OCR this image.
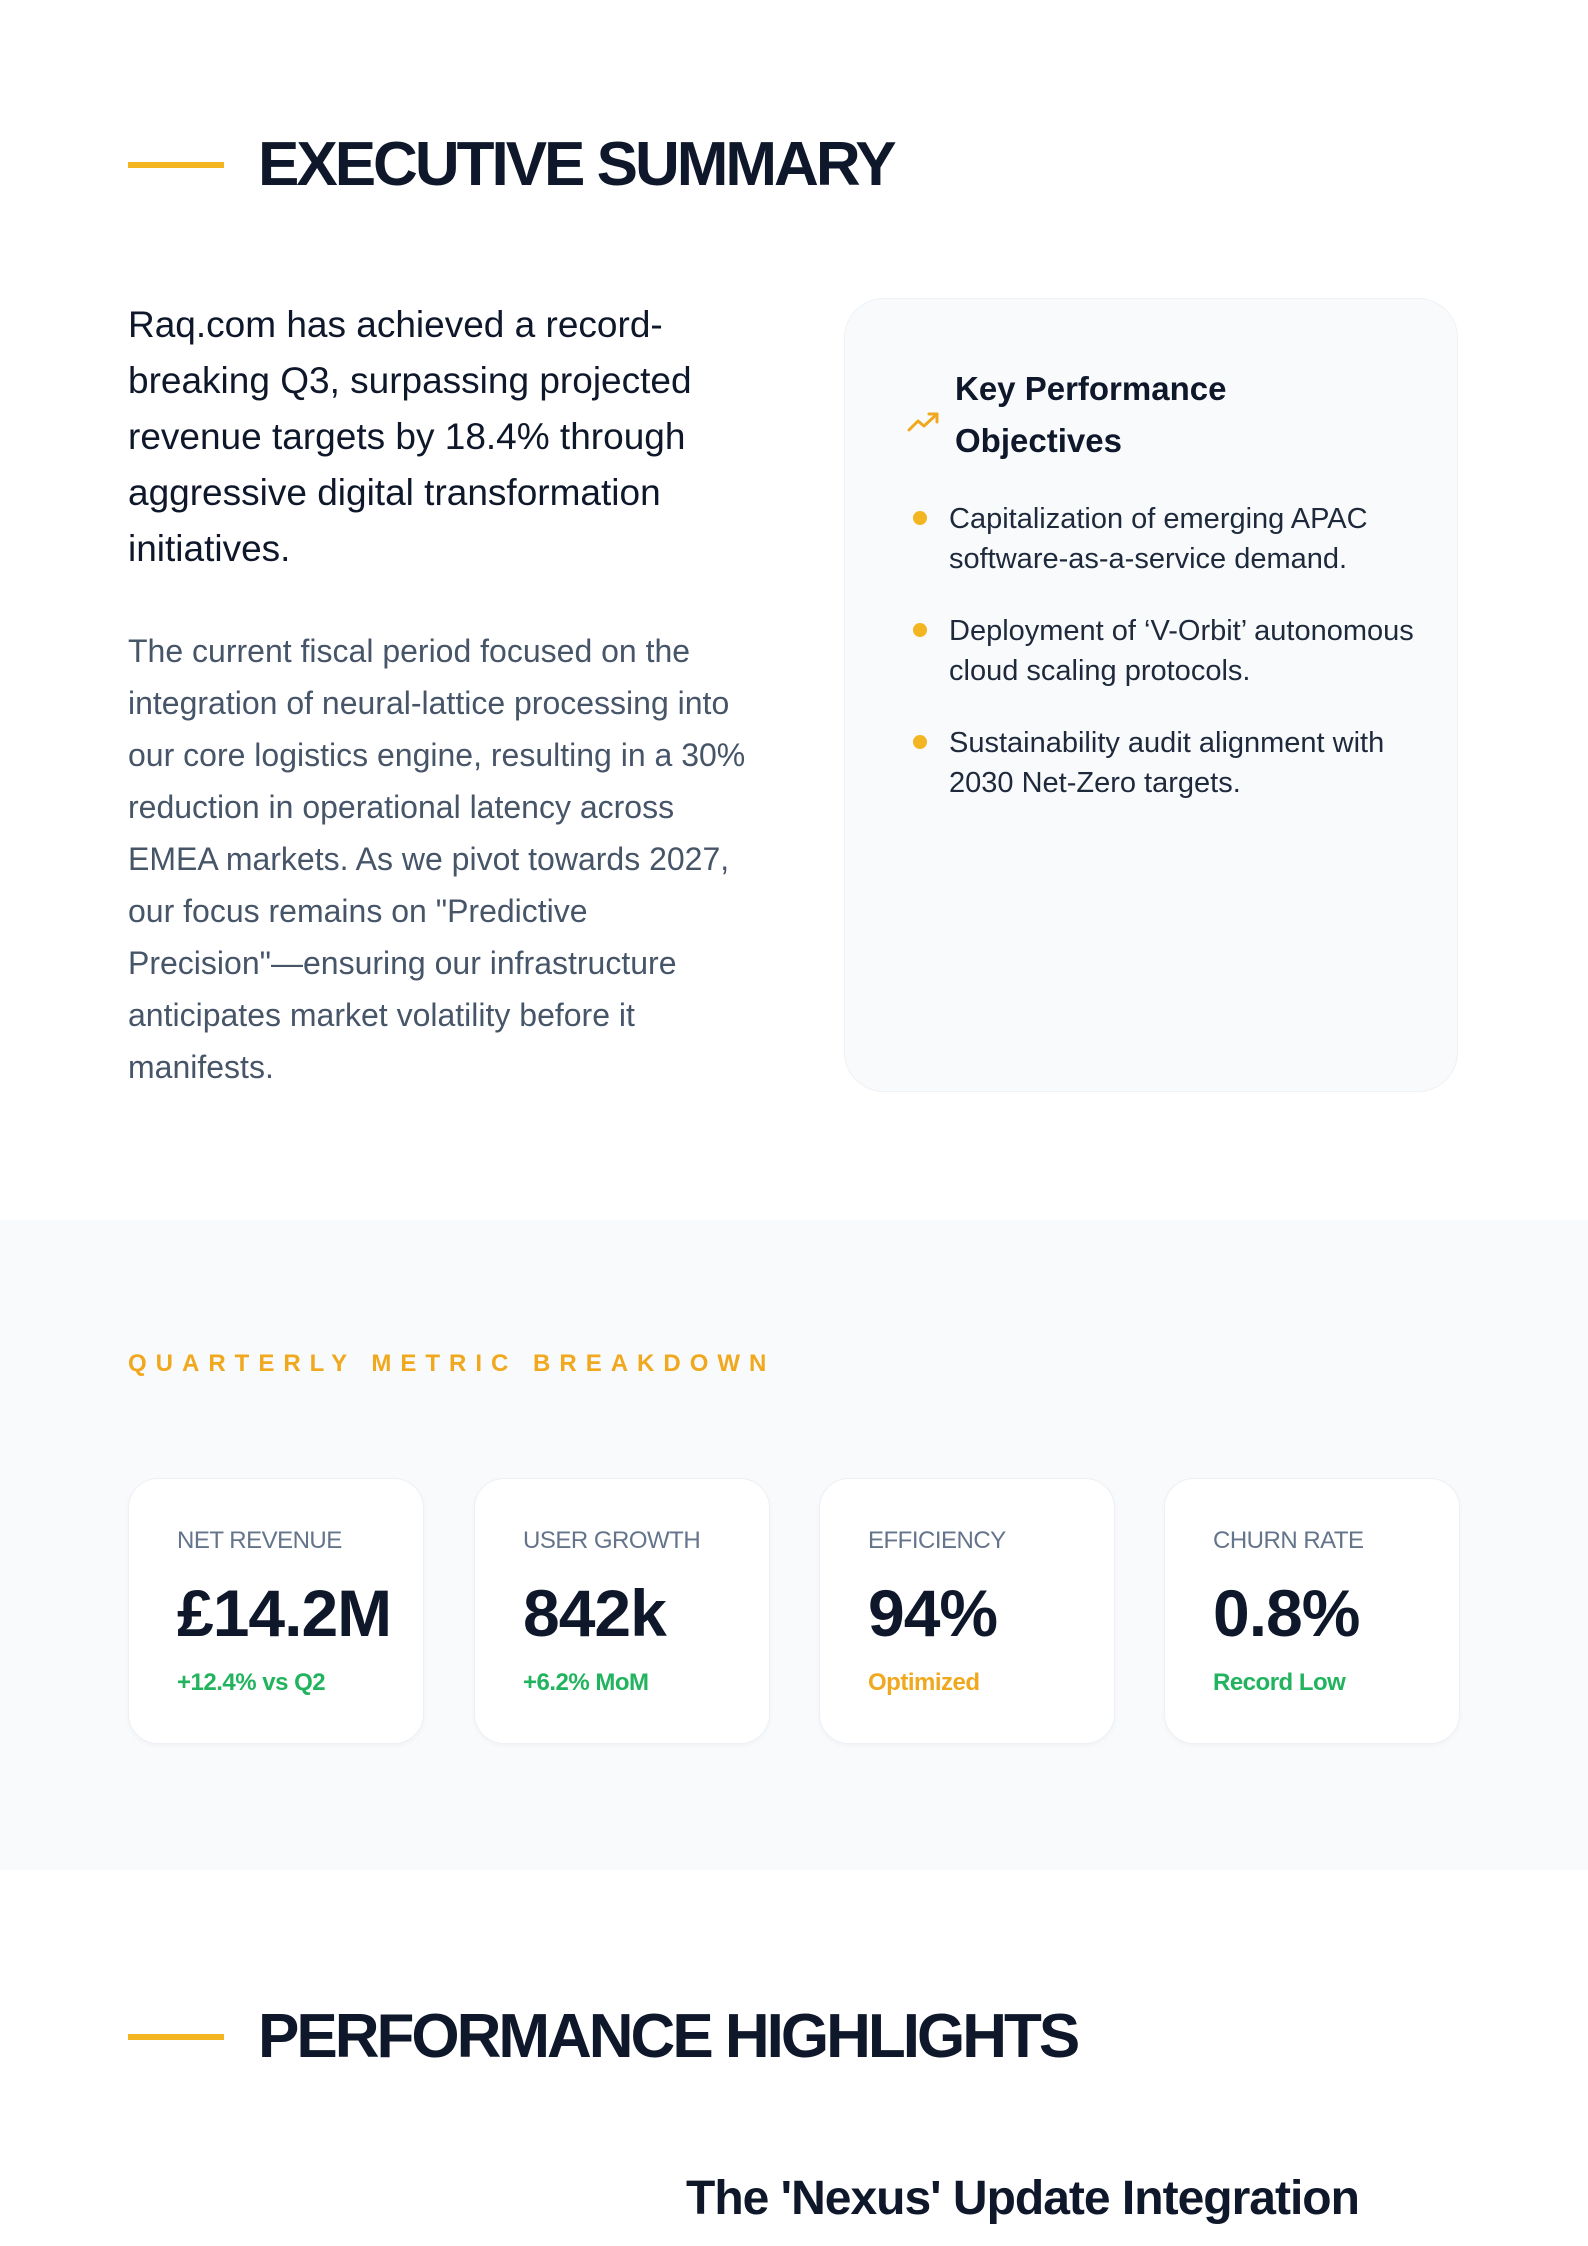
EXECUTIVE SUMMARY

Raq.com has achieved a record-breaking Q3, surpassing projected revenue targets by 18.4% through aggressive digital transformation initiatives.

The current fiscal period focused on the integration of neural-lattice processing into our core logistics engine, resulting in a 30% reduction in operational latency across EMEA markets. As we pivot towards 2027, our focus remains on "Predictive Precision"—ensuring our infrastructure anticipates market volatility before it manifests.

Key Performance Objectives
Capitalization of emerging APAC software-as-a-service demand.
Deployment of ‘V-Orbit’ autonomous cloud scaling protocols.
Sustainability audit alignment with 2030 Net-Zero targets.
QUARTERLY METRIC BREAKDOWN
NET REVENUE
£14.2M
+12.4% vs Q2
USER GROWTH
842k
+6.2% MoM
EFFICIENCY
94%
Optimized
CHURN RATE
0.8%
Record Low
PERFORMANCE HIGHLIGHTS
The 'Nexus' Update Integration
